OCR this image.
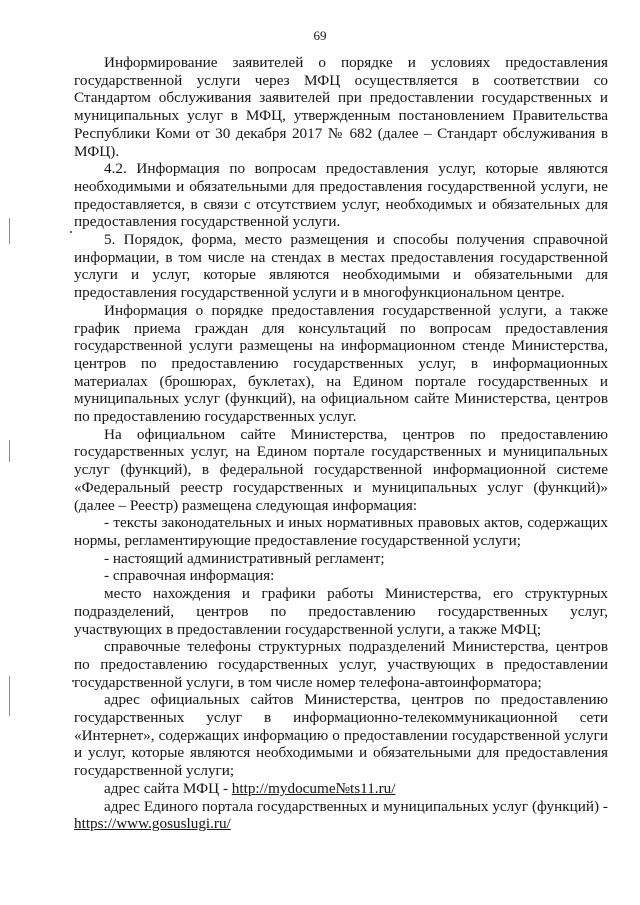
69

Информирование заявителей о порядке и условиях предоставления государственной услуги через МФЦ осуществляется в соответствии со Стандартом обслуживания заявителей при предоставлении государственных и муниципальных услуг в МФЦ, утвержденным постановлением Правительства Республики Коми от 30 декабря 2017 № 682 (далее – Стандарт обслуживания в МФЦ).

4.2. Информация по вопросам предоставления услуг, которые являются необходимыми и обязательными для предоставления государственной услуги, не предоставляется, в связи с отсутствием услуг, необходимых и обязательных для предоставления государственной услуги.

5. Порядок, форма, место размещения и способы получения справочной информации, в том числе на стендах в местах предоставления государственной услуги и услуг, которые являются необходимыми и обязательными для предоставления государственной услуги и в многофункциональном центре.

Информация о порядке предоставления государственной услуги, а также график приема граждан для консультаций по вопросам предоставления государственной услуги размещены на информационном стенде Министерства, центров по предоставлению государственных услуг, в информационных материалах (брошюрах, буклетах), на Едином портале государственных и муниципальных услуг (функций), на официальном сайте Министерства, центров по предоставлению государственных услуг.

На официальном сайте Министерства, центров по предоставлению государственных услуг, на Едином портале государственных и муниципальных услуг (функций), в федеральной государственной информационной системе «Федеральный реестр государственных и муниципальных услуг (функций)» (далее – Реестр) размещена следующая информация:

- тексты законодательных и иных нормативных правовых актов, содержащих нормы, регламентирующие предоставление государственной услуги;

- настоящий административный регламент;

- справочная информация:

место нахождения и графики работы Министерства, его структурных подразделений, центров по предоставлению государственных услуг, участвующих в предоставлении государственной услуги, а также МФЦ;

справочные телефоны структурных подразделений Министерства, центров по предоставлению государственных услуг, участвующих в предоставлении государственной услуги, в том числе номер телефона-автоинформатора;

адрес официальных сайтов Министерства, центров по предоставлению государственных услуг в информационно-телекоммуникационной сети «Интернет», содержащих информацию о предоставлении государственной услуги и услуг, которые являются необходимыми и обязательными для предоставления государственной услуги;

адрес сайта МФЦ - http://mydocume№ts11.ru/

адрес Единого портала государственных и муниципальных услуг (функций) - https://www.gosuslugi.ru/
